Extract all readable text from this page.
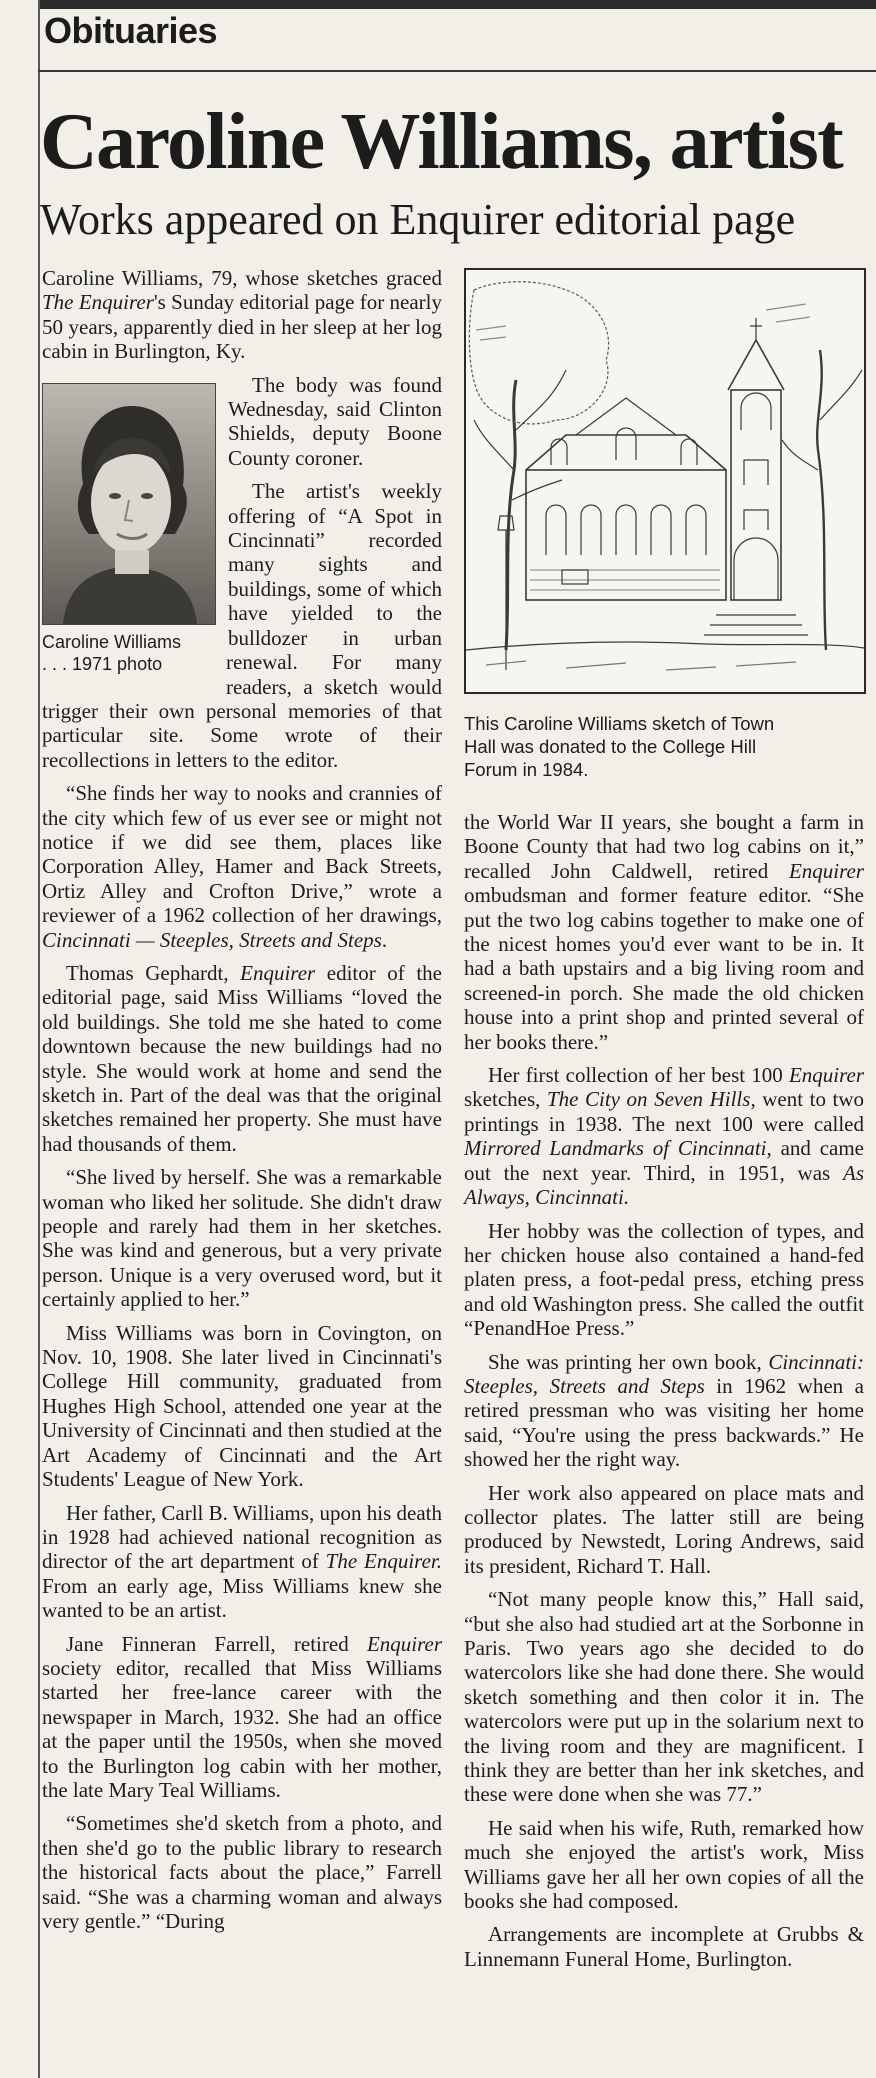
Obituaries
Caroline Williams, artist
Works appeared on Enquirer editorial page

Caroline Williams, 79, whose sketches graced The Enquirer's Sunday editorial page for nearly 50 years, apparently died in her sleep at her log cabin in Burlington, Ky.

Caroline Williams
. . . 1971 photo

The body was found Wednesday, said Clinton Shields, deputy Boone County coroner.

The artist's weekly offering of “A Spot in Cincinnati” recorded many sights and buildings, some of which have yielded to the bulldozer in urban renewal. For many readers, a sketch would trigger their own personal memories of that particular site. Some wrote of their recollections in letters to the editor.

“She finds her way to nooks and crannies of the city which few of us ever see or might not notice if we did see them, places like Corporation Alley, Hamer and Back Streets, Ortiz Alley and Crofton Drive,” wrote a reviewer of a 1962 collection of her drawings, Cincinnati — Steeples, Streets and Steps.

Thomas Gephardt, Enquirer editor of the editorial page, said Miss Williams “loved the old buildings. She told me she hated to come downtown because the new buildings had no style. She would work at home and send the sketch in. Part of the deal was that the original sketches remained her property. She must have had thousands of them.

“She lived by herself. She was a remarkable woman who liked her solitude. She didn't draw people and rarely had them in her sketches. She was kind and generous, but a very private person. Unique is a very overused word, but it certainly applied to her.”

Miss Williams was born in Covington, on Nov. 10, 1908. She later lived in Cincinnati's College Hill community, graduated from Hughes High School, attended one year at the University of Cincinnati and then studied at the Art Academy of Cincinnati and the Art Students' League of New York.

Her father, Carll B. Williams, upon his death in 1928 had achieved national recognition as director of the art department of The Enquirer. From an early age, Miss Williams knew she wanted to be an artist.

Jane Finneran Farrell, retired Enquirer society editor, recalled that Miss Williams started her free-lance career with the newspaper in March, 1932. She had an office at the paper until the 1950s, when she moved to the Burlington log cabin with her mother, the late Mary Teal Williams.

“Sometimes she'd sketch from a photo, and then she'd go to the public library to research the historical facts about the place,” Farrell said. “She was a charming woman and always very gentle.” “During

This Caroline Williams sketch of Town
Hall was donated to the College Hill
Forum in 1984.

the World War II years, she bought a farm in Boone County that had two log cabins on it,” recalled John Caldwell, retired Enquirer ombudsman and former feature editor. “She put the two log cabins together to make one of the nicest homes you'd ever want to be in. It had a bath upstairs and a big living room and screened-in porch. She made the old chicken house into a print shop and printed several of her books there.”

Her first collection of her best 100 Enquirer sketches, The City on Seven Hills, went to two printings in 1938. The next 100 were called Mirrored Landmarks of Cincinnati, and came out the next year. Third, in 1951, was As Always, Cincinnati.

Her hobby was the collection of types, and her chicken house also contained a hand-fed platen press, a foot-pedal press, etching press and old Washington press. She called the outfit “PenandHoe Press.”

She was printing her own book, Cincinnati: Steeples, Streets and Steps in 1962 when a retired pressman who was visiting her home said, “You're using the press backwards.” He showed her the right way.

Her work also appeared on place mats and collector plates. The latter still are being produced by Newstedt, Loring Andrews, said its president, Richard T. Hall.

“Not many people know this,” Hall said, “but she also had studied art at the Sorbonne in Paris. Two years ago she decided to do watercolors like she had done there. She would sketch something and then color it in. The watercolors were put up in the solarium next to the living room and they are magnificent. I think they are better than her ink sketches, and these were done when she was 77.”

He said when his wife, Ruth, remarked how much she enjoyed the artist's work, Miss Williams gave her all her own copies of all the books she had composed.

Arrangements are incomplete at Grubbs & Linnemann Funeral Home, Burlington.
